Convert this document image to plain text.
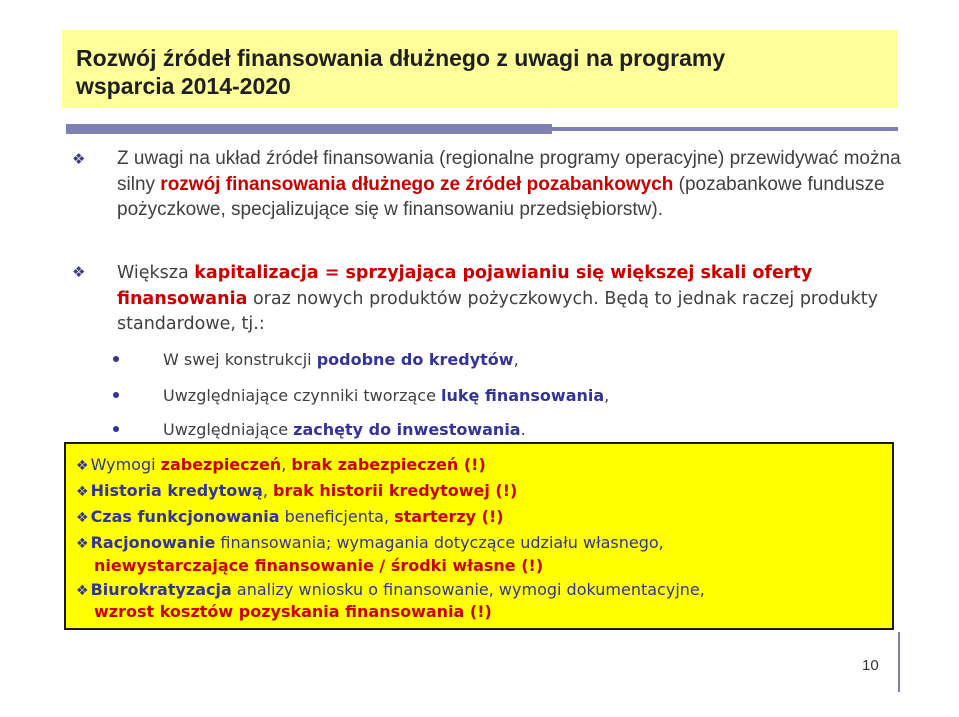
Rozwój źródeł finansowania dłużnego z uwagi na programy
wsparcia 2014-2020
❖ Z uwagi na układ źródeł finansowania (regionalne programy operacyjne) przewidywać można silny rozwój finansowania dłużnego ze źródeł pozabankowych (pozabankowe fundusze pożyczkowe, specjalizujące się w finansowaniu przedsiębiorstw).

❖ Większa kapitalizacja = sprzyjająca pojawianiu się większej skali oferty finansowania oraz nowych produktów pożyczkowych. Będą to jednak raczej produkty standardowe, tj.:

W swej konstrukcji podobne do kredytów,

Uwzględniające czynniki tworzące lukę finansowania,

Uwzględniające zachęty do inwestowania.

❖ Wymogi zabezpieczeń, brak zabezpieczeń (!)

❖ Historia kredytową, brak historii kredytowej (!)

❖ Czas funkcjonowania beneficjenta, starterzy (!)

❖ Racjonowanie finansowania; wymagania dotyczące udziału własnego,

niewystarczające finansowanie / środki własne (!)

❖ Biurokratyzacja analizy wniosku o finansowanie, wymogi dokumentacyjne,

wzrost kosztów pozyskania finansowania (!)

10
